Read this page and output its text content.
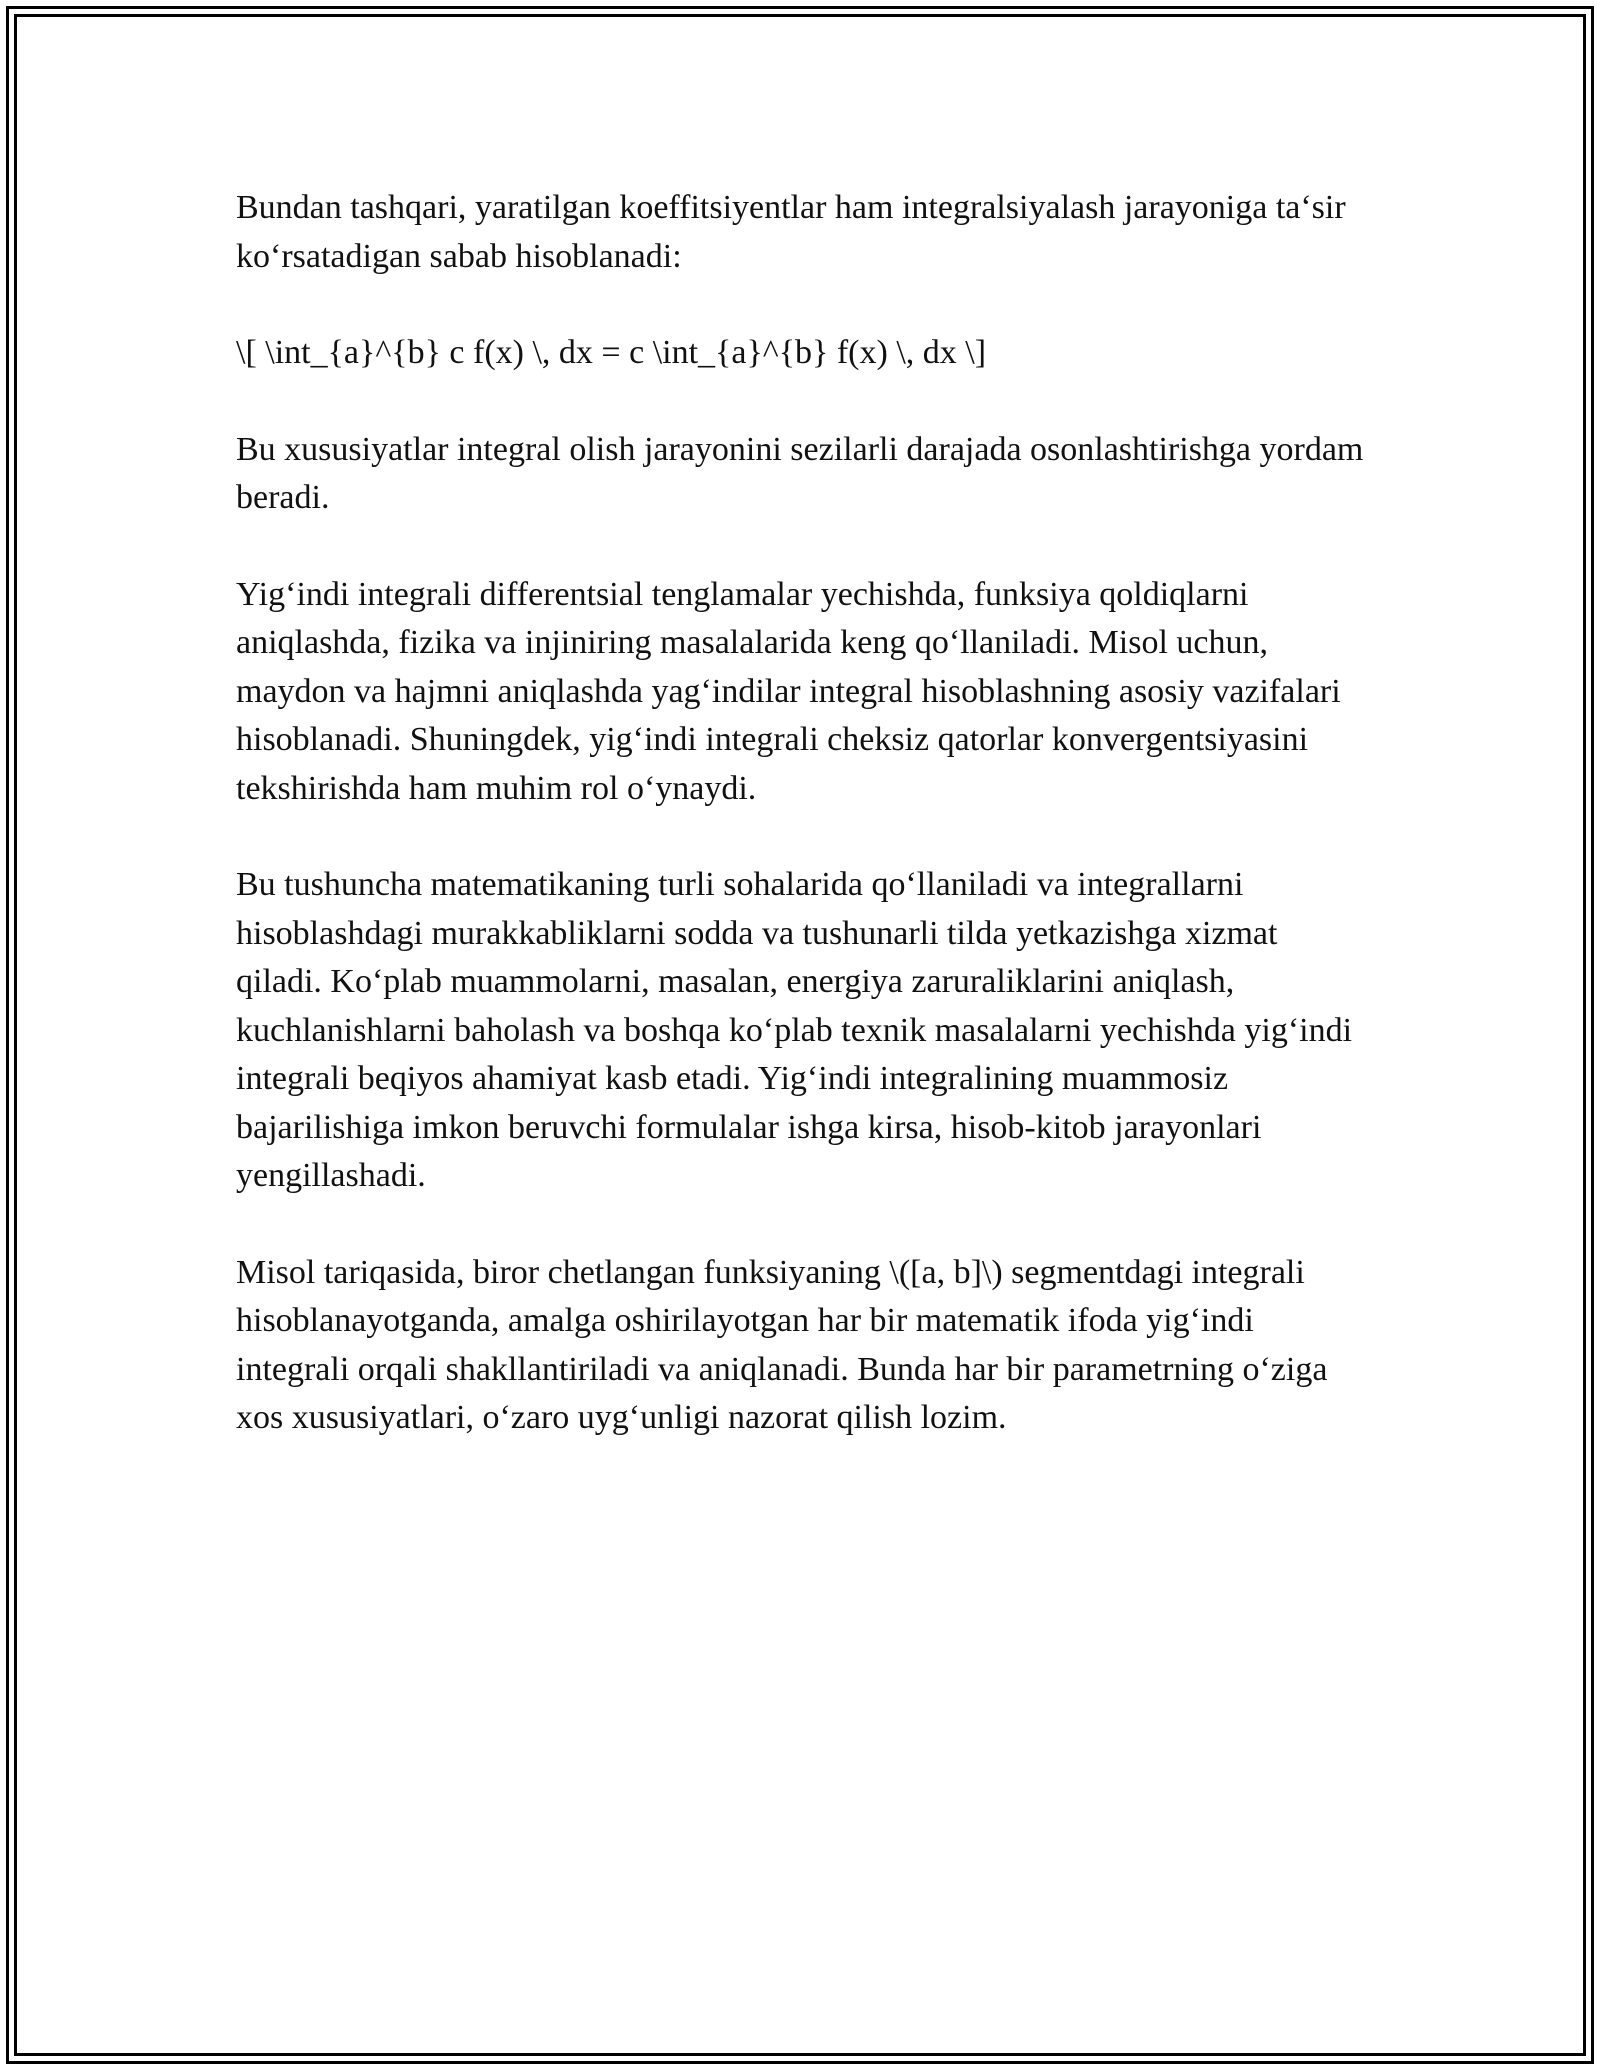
Bundan tashqari, yaratilgan koeffitsiyentlar ham integralsiyalash jarayoniga ta‘sir ko‘rsatadigan sabab hisoblanadi:

\[ \int_{a}^{b} c f(x) \, dx = c \int_{a}^{b} f(x) \, dx \]

Bu xususiyatlar integral olish jarayonini sezilarli darajada osonlashtirishga yordam beradi.

Yig‘indi integrali differentsial tenglamalar yechishda, funksiya qoldiqlarni aniqlashda, fizika va injiniring masalalarida keng qo‘llaniladi. Misol uchun, maydon va hajmni aniqlashda yag‘indilar integral hisoblashning asosiy vazifalari hisoblanadi. Shuningdek, yig‘indi integrali cheksiz qatorlar konvergentsiyasini tekshirishda ham muhim rol o‘ynaydi.

Bu tushuncha matematikaning turli sohalarida qo‘llaniladi va integrallarni hisoblashdagi murakkabliklarni sodda va tushunarli tilda yetkazishga xizmat qiladi. Ko‘plab muammolarni, masalan, energiya zaruraliklarini aniqlash, kuchlanishlarni baholash va boshqa ko‘plab texnik masalalarni yechishda yig‘indi integrali beqiyos ahamiyat kasb etadi. Yig‘indi integralining muammosiz bajarilishiga imkon beruvchi formulalar ishga kirsa, hisob-kitob jarayonlari yengillashadi.

Misol tariqasida, biror chetlangan funksiyaning \([a, b]\) segmentdagi integrali hisoblanayotganda, amalga oshirilayotgan har bir matematik ifoda yig‘indi integrali orqali shakllantiriladi va aniqlanadi. Bunda har bir parametrning o‘ziga xos xususiyatlari, o‘zaro uyg‘unligi nazorat qilish lozim.
